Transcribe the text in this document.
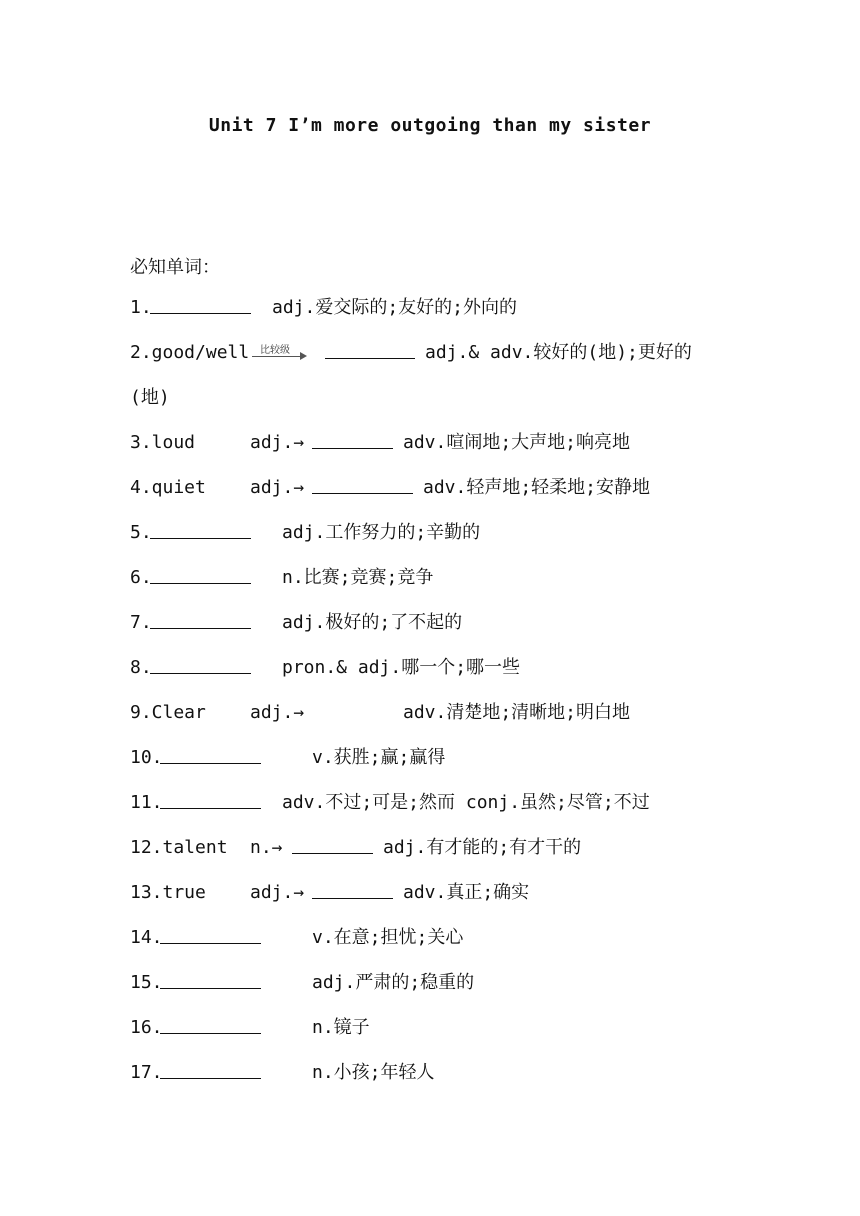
Unit 7 I’m more outgoing than my sister
必知单词：
1.	adj.爱交际的;友好的;外向的
2.good/well 比较级	adj.& adv.较好的(地);更好的
(地)
3.loud	adj.→	adv.喧闹地;大声地;响亮地
4.quiet adj.→	adv.轻声地;轻柔地;安静地
5.	adj.工作努力的;辛勤的
6.	n.比赛;竞赛;竞争
7.	adj.极好的;了不起的
8.	pron.& adj.哪一个;哪一些
9.Clear adj.→	adv.清楚地;清晰地;明白地
10.	v.获胜;赢;赢得
11.	adv.不过;可是;然而 conj.虽然;尽管;不过
12.talent n.→	adj.有才能的;有才干的
13.true adj.→	adv.真正;确实
14.	v.在意;担忧;关心
15.	adj.严肃的;稳重的
16.	n.镜子
17.	n.小孩;年轻人
